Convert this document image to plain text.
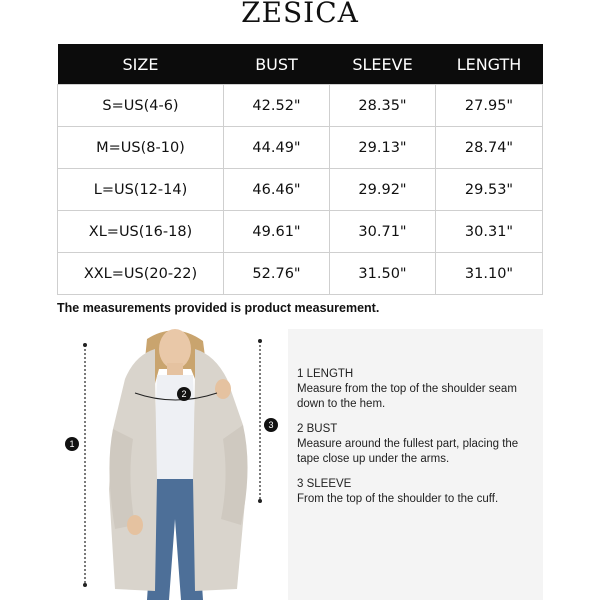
ZESICA
SIZE	BUST	SLEEVE	LENGTH
S=US(4-6)	42.52"	28.35"	27.95"
M=US(8-10)	44.49"	29.13"	28.74"
L=US(12-14)	46.46"	29.92"	29.53"
XL=US(16-18)	49.61"	30.71"	30.31"
XXL=US(20-22)	52.76"	31.50"	31.10"
The measurements provided is product measurement.
1
2
3
1 LENGTH
Measure from the top of the shoulder seam down to the hem.
2 BUST
Measure around the fullest part, placing the tape close up under the arms.
3 SLEEVE
From the top of the shoulder to the cuff.
